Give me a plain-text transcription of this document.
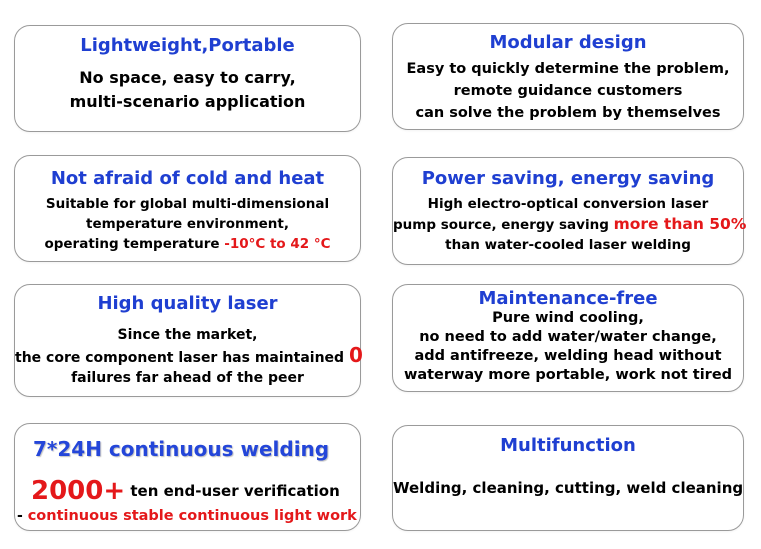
Lightweight,Portable
No space, easy to carry,
multi-scenario application
Modular design
Easy to quickly determine the problem,
remote guidance customers
can solve the problem by themselves
Not afraid of cold and heat
Suitable for global multi-dimensional
temperature environment,
operating temperature -10°C to 42 °C
Power saving, energy saving
High electro-optical conversion laser
pump source, energy saving more than 50%
than water-cooled laser welding
High quality laser
Since the market,
the core component laser has maintained 0
failures far ahead of the peer
Maintenance-free
Pure wind cooling,
no need to add water/water change,
add antifreeze, welding head without
waterway more portable, work not tired
7*24H continuous welding
2000+ ten end-user verification
- continuous stable continuous light work
Multifunction
Welding, cleaning, cutting, weld cleaning
